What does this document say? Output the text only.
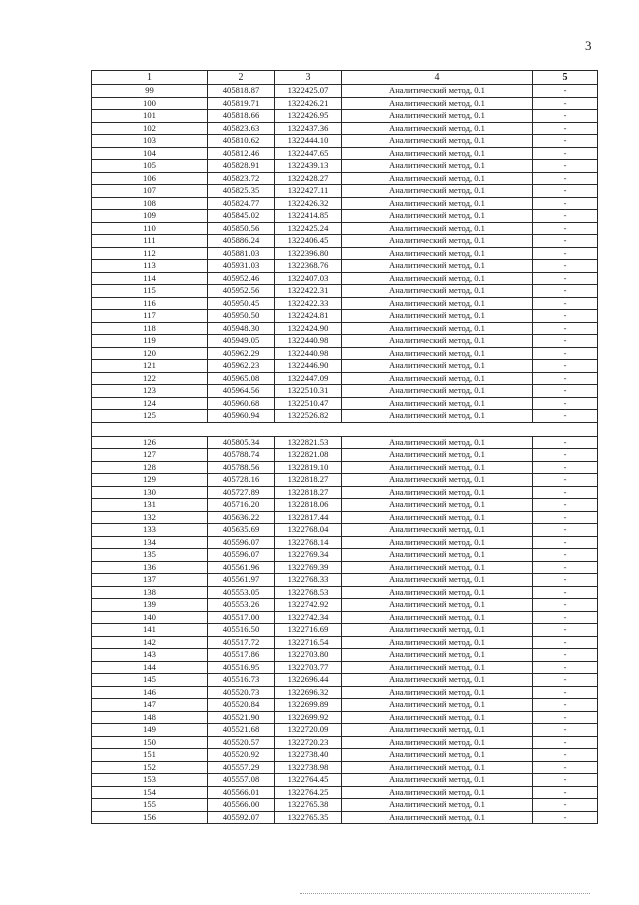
3
1	2	3	4	5
99	405818.87	1322425.07	Аналитический метод, 0.1	-
100	405819.71	1322426.21	Аналитический метод, 0.1	-
101	405818.66	1322426.95	Аналитический метод, 0.1	-
102	405823.63	1322437.36	Аналитический метод, 0.1	-
103	405810.62	1322444.10	Аналитический метод, 0.1	-
104	405812.46	1322447.65	Аналитический метод, 0.1	-
105	405828.91	1322439.13	Аналитический метод, 0.1	-
106	405823.72	1322428.27	Аналитический метод, 0.1	-
107	405825.35	1322427.11	Аналитический метод, 0.1	-
108	405824.77	1322426.32	Аналитический метод, 0.1	-
109	405845.02	1322414.85	Аналитический метод, 0.1	-
110	405850.56	1322425.24	Аналитический метод, 0.1	-
111	405886.24	1322406.45	Аналитический метод, 0.1	-
112	405881.03	1322396.80	Аналитический метод, 0.1	-
113	405931.03	1322368.76	Аналитический метод, 0.1	-
114	405952.46	1322407.03	Аналитический метод, 0.1	-
115	405952.56	1322422.31	Аналитический метод, 0.1	-
116	405950.45	1322422.33	Аналитический метод, 0.1	-
117	405950.50	1322424.81	Аналитический метод, 0.1	-
118	405948.30	1322424.90	Аналитический метод, 0.1	-
119	405949.05	1322440.98	Аналитический метод, 0.1	-
120	405962.29	1322440.98	Аналитический метод, 0.1	-
121	405962.23	1322446.90	Аналитический метод, 0.1	-
122	405965.08	1322447.09	Аналитический метод, 0.1	-
123	405964.56	1322510.31	Аналитический метод, 0.1	-
124	405960.68	1322510.47	Аналитический метод, 0.1	-
125	405960.94	1322526.82	Аналитический метод, 0.1	-

126	405805.34	1322821.53	Аналитический метод, 0.1	-
127	405788.74	1322821.08	Аналитический метод, 0.1	-
128	405788.56	1322819.10	Аналитический метод, 0.1	-
129	405728.16	1322818.27	Аналитический метод, 0.1	-
130	405727.89	1322818.27	Аналитический метод, 0.1	-
131	405716.20	1322818.06	Аналитический метод, 0.1	-
132	405636.22	1322817.44	Аналитический метод, 0.1	-
133	405635.69	1322768.04	Аналитический метод, 0.1	-
134	405596.07	1322768.14	Аналитический метод, 0.1	-
135	405596.07	1322769.34	Аналитический метод, 0.1	-
136	405561.96	1322769.39	Аналитический метод, 0.1	-
137	405561.97	1322768.33	Аналитический метод, 0.1	-
138	405553.05	1322768.53	Аналитический метод, 0.1	-
139	405553.26	1322742.92	Аналитический метод, 0.1	-
140	405517.00	1322742.34	Аналитический метод, 0.1	-
141	405516.50	1322716.69	Аналитический метод, 0.1	-
142	405517.72	1322716.54	Аналитический метод, 0.1	-
143	405517.86	1322703.80	Аналитический метод, 0.1	-
144	405516.95	1322703.77	Аналитический метод, 0.1	-
145	405516.73	1322696.44	Аналитический метод, 0.1	-
146	405520.73	1322696.32	Аналитический метод, 0.1	-
147	405520.84	1322699.89	Аналитический метод, 0.1	-
148	405521.90	1322699.92	Аналитический метод, 0.1	-
149	405521.68	1322720.09	Аналитический метод, 0.1	-
150	405520.57	1322720.23	Аналитический метод, 0.1	-
151	405520.92	1322738.40	Аналитический метод, 0.1	-
152	405557.29	1322738.98	Аналитический метод, 0.1	-
153	405557.08	1322764.45	Аналитический метод, 0.1	-
154	405566.01	1322764.25	Аналитический метод, 0.1	-
155	405566.00	1322765.38	Аналитический метод, 0.1	-
156	405592.07	1322765.35	Аналитический метод, 0.1	-
